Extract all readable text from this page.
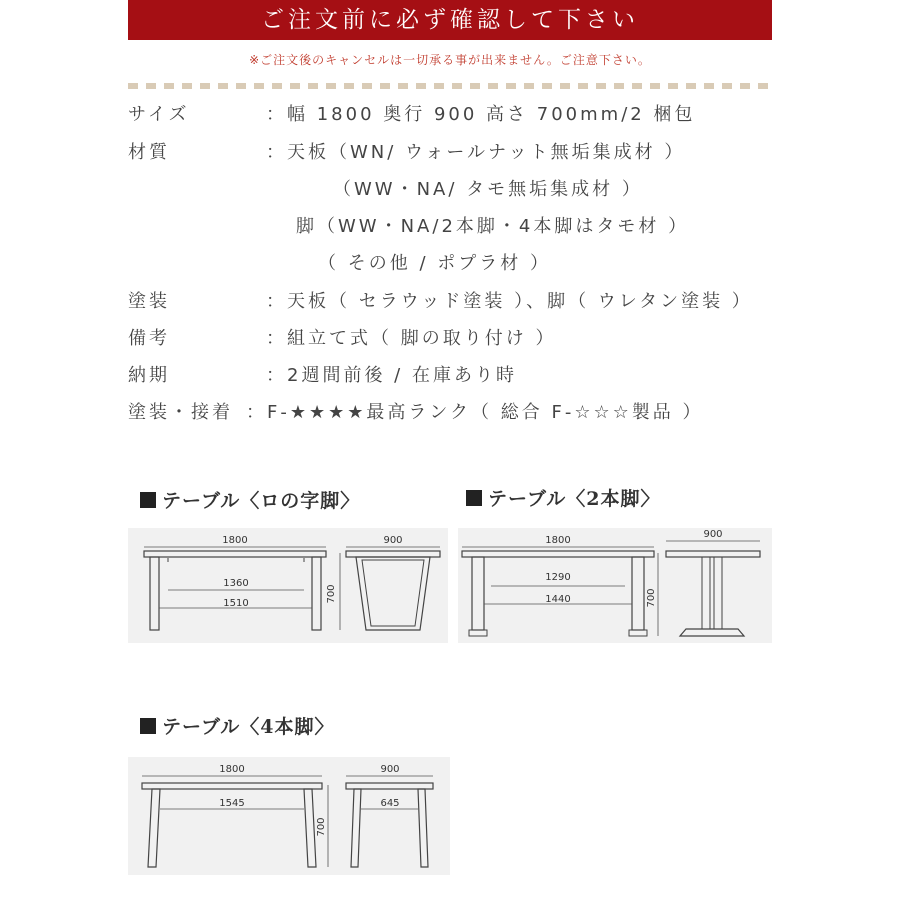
ご注文前に必ず確認して下さい
※ご注文後のキャンセルは一切承る事が出来ません。ご注意下さい。
サイズ	：幅 1800 奥行 900 高さ 700mm/2 梱包
材質	：天板（WN/ ウォールナット無垢集成材 ）
（WW・NA/ タモ無垢集成材 ）
脚（WW・NA/2本脚・4本脚はタモ材 ）
（ その他 / ポプラ材 ）
塗装	：天板（ セラウッド塗装 ）、脚（ ウレタン塗装 ）
備考	：組立て式（ 脚の取り付け ）
納期	：2週間前後 / 在庫あり時
塗装・接着 ：F-★★★★最高ランク（ 総合 F-☆☆☆製品 ）
テーブル〈ロの字脚〉	テーブル〈2本脚〉
1800
1360
1510	700
900	1800
1290
1440	700
900
テーブル〈4本脚〉
1800
1545
700
900
645
